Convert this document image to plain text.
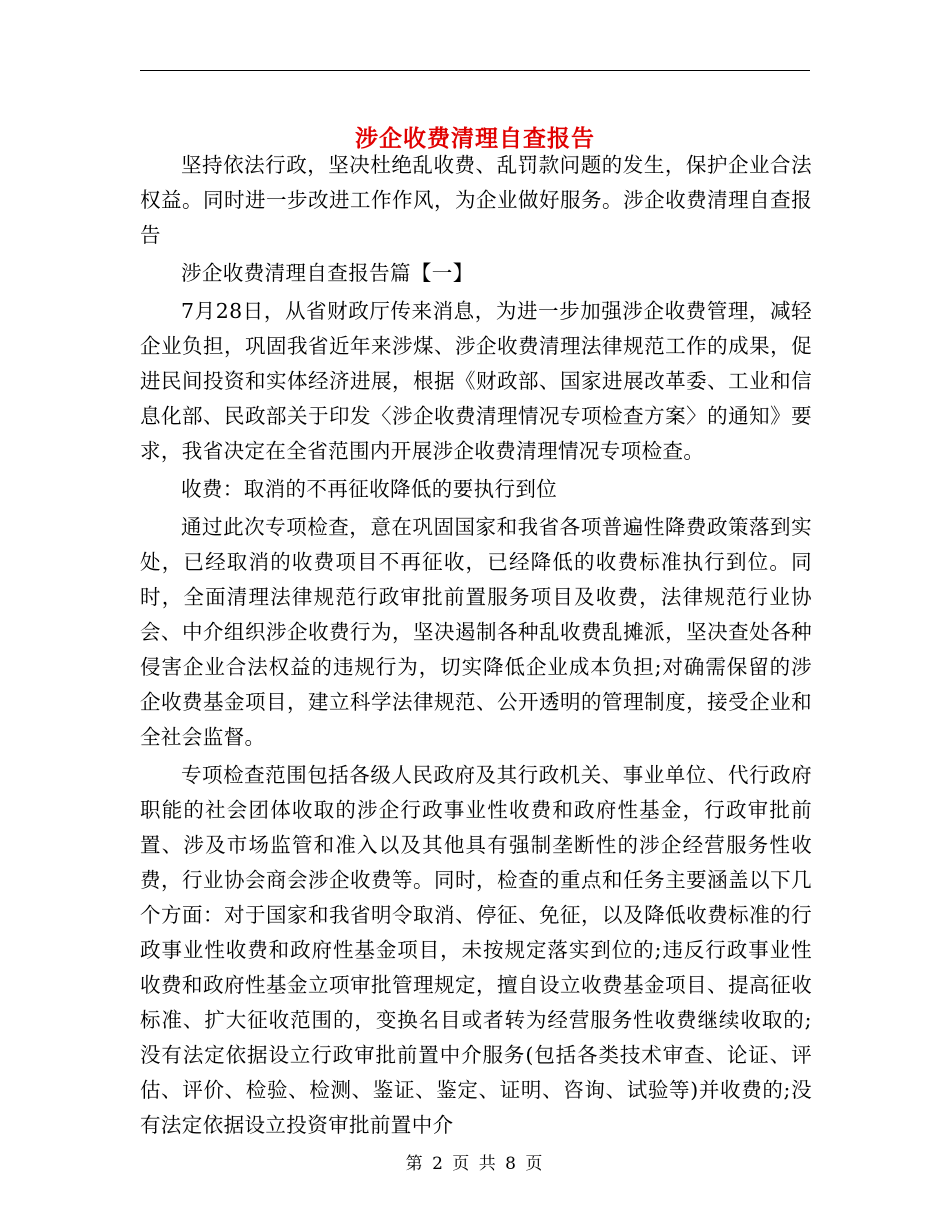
涉企收费清理自查报告

坚持依法行政，坚决杜绝乱收费、乱罚款问题的发生，保护企业合法权益。同时进一步改进工作作风，为企业做好服务。涉企收费清理自查报告

涉企收费清理自查报告篇【一】

7月28日，从省财政厅传来消息，为进一步加强涉企收费管理，减轻企业负担，巩固我省近年来涉煤、涉企收费清理法律规范工作的成果，促进民间投资和实体经济进展，根据《财政部、国家进展改革委、工业和信息化部、民政部关于印发〈涉企收费清理情况专项检查方案〉的通知》要求，我省决定在全省范围内开展涉企收费清理情况专项检查。

收费：取消的不再征收降低的要执行到位

通过此次专项检查，意在巩固国家和我省各项普遍性降费政策落到实处，已经取消的收费项目不再征收，已经降低的收费标准执行到位。同时，全面清理法律规范行政审批前置服务项目及收费，法律规范行业协会、中介组织涉企收费行为，坚决遏制各种乱收费乱摊派，坚决查处各种侵害企业合法权益的违规行为，切实降低企业成本负担;对确需保留的涉企收费基金项目，建立科学法律规范、公开透明的管理制度，接受企业和全社会监督。

专项检查范围包括各级人民政府及其行政机关、事业单位、代行政府职能的社会团体收取的涉企行政事业性收费和政府性基金，行政审批前置、涉及市场监管和准入以及其他具有强制垄断性的涉企经营服务性收费，行业协会商会涉企收费等。同时，检查的重点和任务主要涵盖以下几个方面：对于国家和我省明令取消、停征、免征，以及降低收费标准的行政事业性收费和政府性基金项目，未按规定落实到位的;违反行政事业性收费和政府性基金立项审批管理规定，擅自设立收费基金项目、提高征收标准、扩大征收范围的，变换名目或者转为经营服务性收费继续收取的;没有法定依据设立行政审批前置中介服务(包括各类技术审查、论证、评估、评价、检验、检测、鉴证、鉴定、证明、咨询、试验等)并收费的;没有法定依据设立投资审批前置中介

第 2 页 共 8 页
